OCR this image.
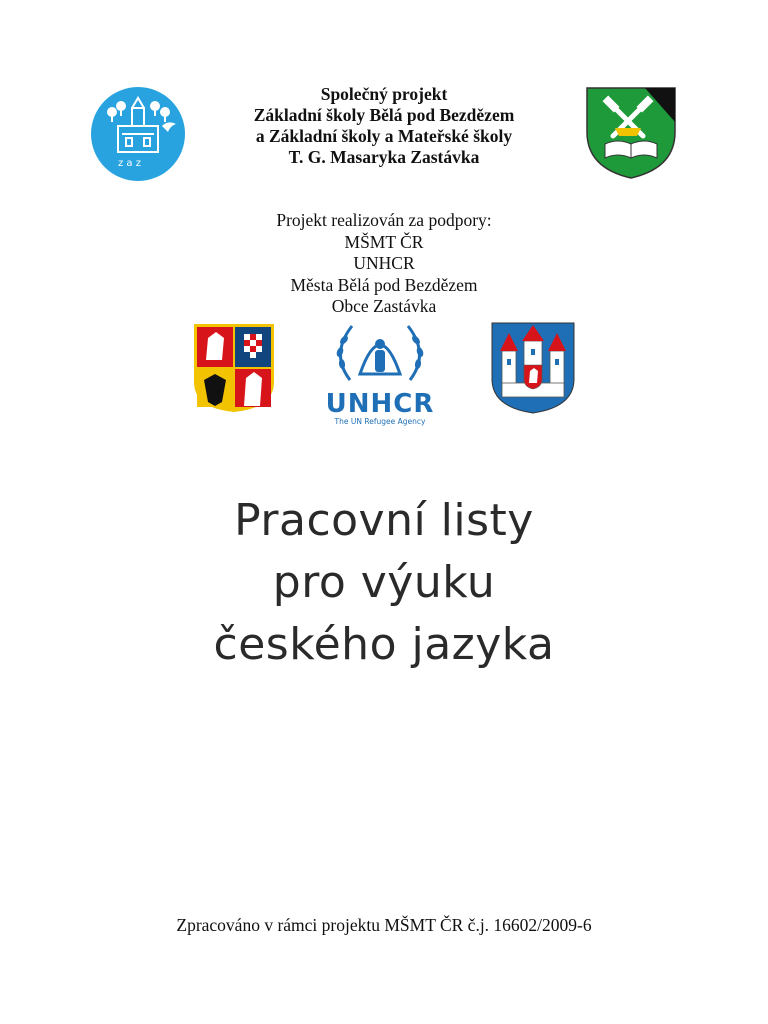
z a z
Společný projekt
Základní školy Bělá pod Bezdězem
a Základní školy a Mateřské školy
T. G. Masaryka Zastávka
Projekt realizován za podpory:
MŠMT ČR
UNHCR
Města Bělá pod Bezdězem
Obce Zastávka
UNHCR
The UN Refugee Agency
Pracovní listy
pro výuku
českého jazyka
Zpracováno v rámci projektu MŠMT ČR č.j. 16602/2009-6
